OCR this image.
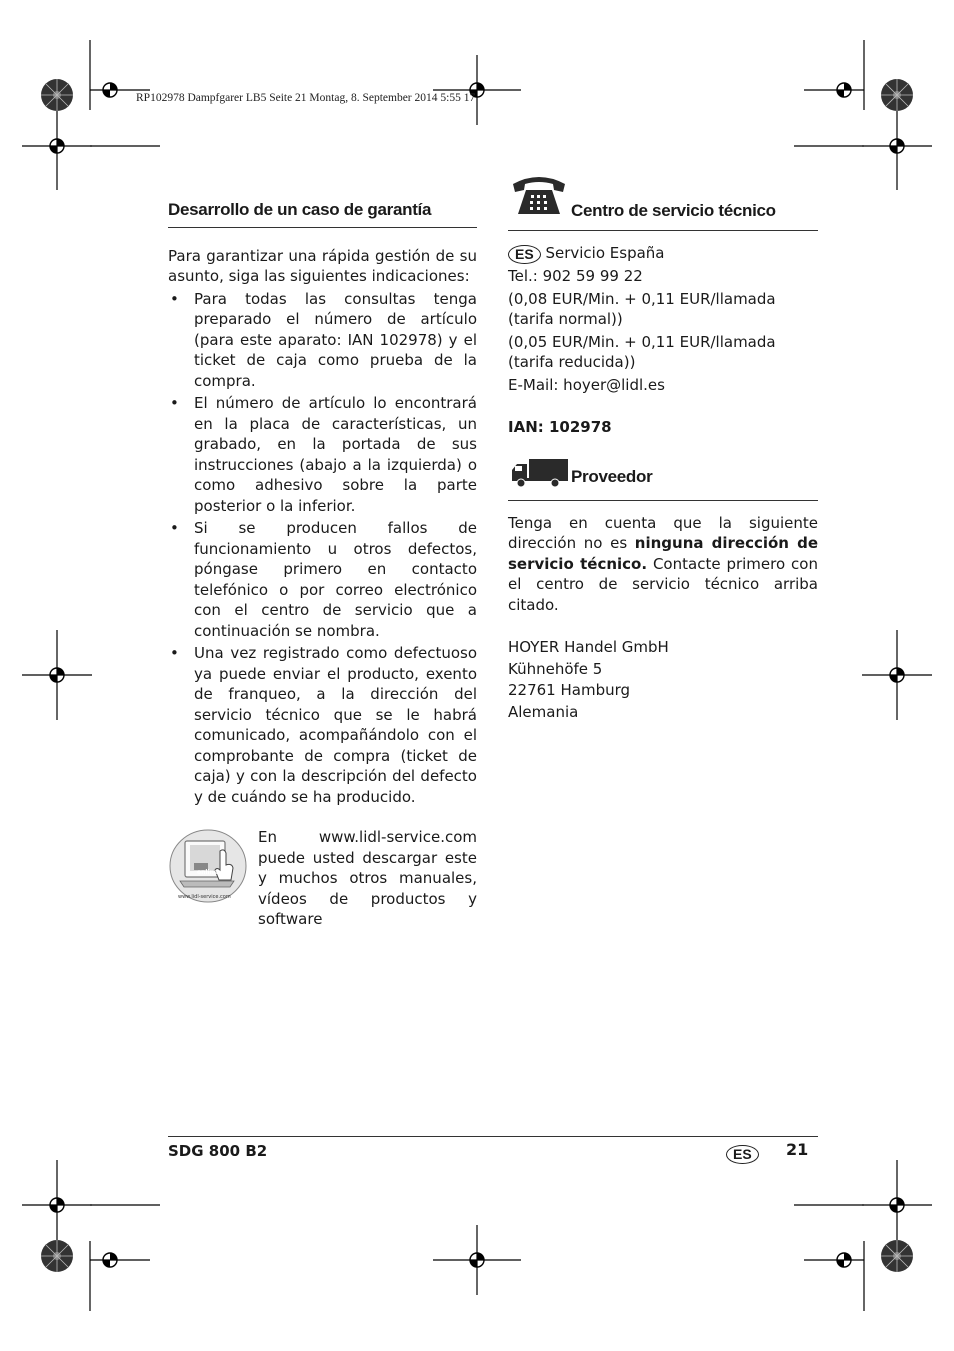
RP102978 Dampfgarer LB5 Seite 21 Montag, 8. September 2014 5:55 17
Desarrollo de un caso de garantía

Para garantizar una rápida gestión de su asunto, siga las siguientes indicaciones:

• Para todas las consultas tenga preparado el número de artículo (para este aparato: IAN 102978) y el ticket de caja como prueba de la compra.
• El número de artículo lo encontrará en la placa de características, un grabado, en la portada de sus instrucciones (abajo a la izquierda) o como adhesivo sobre la parte posterior o la inferior.
• Si se producen fallos de funcionamiento u otros defectos, póngase primero en contacto telefónico o por correo electrónico con el centro de servicio que a continuación se nombra.
• Una vez registrado como defectuoso ya puede enviar el producto, exento de franqueo, a la dirección del servicio técnico que se le habrá comunicado, acompañándolo con el comprobante de compra (ticket de caja) y con la descripción del defecto y de cuándo se ha producido.
online
www.lidl-service.com

En www.lidl-service.com puede usted descargar este y muchos otros manuales, vídeos de productos y software

Centro de servicio técnico
ES Servicio España
Tel.: 902 59 99 22
(0,08 EUR/Min. + 0,11 EUR/llamada (tarifa normal))
(0,05 EUR/Min. + 0,11 EUR/llamada (tarifa reducida))
E-Mail: hoyer@lidl.es
IAN: 102978
Proveedor

Tenga en cuenta que la siguiente dirección no es ninguna dirección de servicio técnico. Contacte primero con el centro de servicio técnico arriba citado.

HOYER Handel GmbH
Kühnehöfe 5
22761 Hamburg
Alemania
SDG 800 B2	ES	21
